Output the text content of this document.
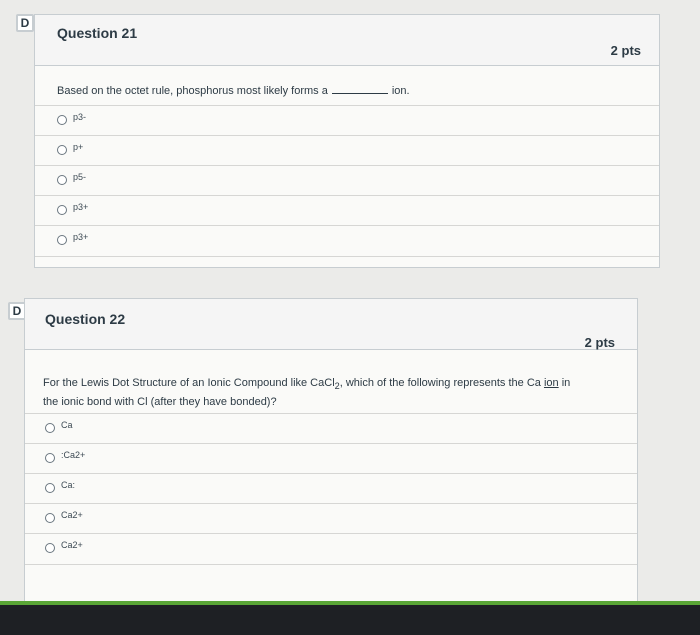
D
Question 21
2 pts
Based on the octet rule, phosphorus most likely forms a	ion.
p3-
p+
p5-
p3+
p3+
D	Question 22
2 pts
For the Lewis Dot Structure of an Ionic Compound like CaCl$_2$, which of the following represents the Ca ion in
the ionic bond with Cl (after they have bonded)?
Ca
:Ca2+
Ca:
Ca2+
Ca2+
